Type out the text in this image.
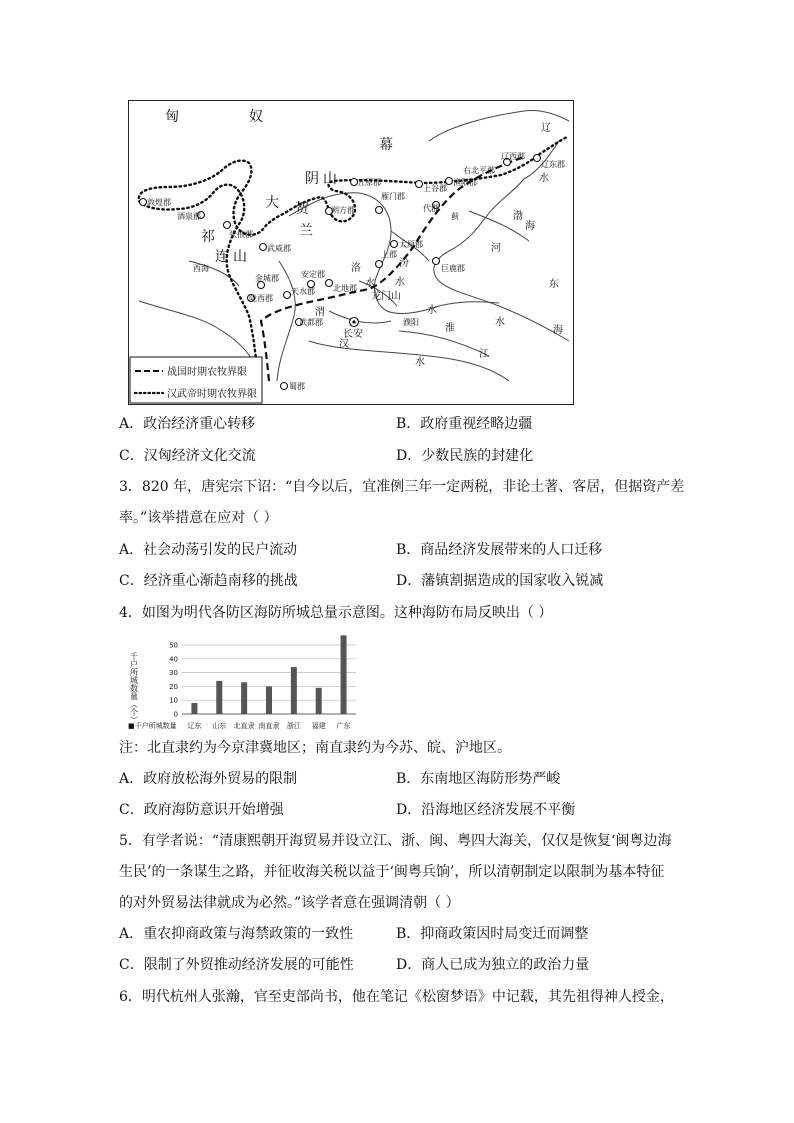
匈	奴
幕
阴 山
大 贺
兰
祁
连 山
辽
敦煌郡
酒泉郡
张掖郡
武威郡
西海
金城郡
陇西郡
天水郡
安定郡
北地郡
武都郡
蜀郡
五原郡
朔方郡
雁门郡
代郡
上谷郡
渔阳郡
右北平郡
辽西郡
辽东郡
蓟
太原郡
上郡
巨鹿郡
汾
水
洛
龙门山
濮阳
长安
河
渤
海
东
海
水
水
水
水
水
渭
淮
江
汉
战国时期农牧界限
汉武帝时期农牧界限
A．政治经济重心转移	B．政府重视经略边疆
C．汉匈经济文化交流	D．少数民族的封建化
3．820 年，唐宪宗下诏：“自今以后，宜准例三年一定两税，非论土著、客居，但据资产差
率。”该举措意在应对（ ）
A．社会动荡引发的民户流动	B．商品经济发展带来的人口迁移
C．经济重心渐趋南移的挑战	D．藩镇割据造成的国家收入锐减
4．如图为明代各防区海防所城总量示意图。这种海防布局反映出（ ）
0
10
20
30
40
50
辽东 山东 北直隶 南直隶 浙江 福建 广东
千户所城数量（个）
■千户所城数量
注：北直隶约为今京津冀地区；南直隶约为今苏、皖、沪地区。
A．政府放松海外贸易的限制	B．东南地区海防形势严峻
C．政府海防意识开始增强	D．沿海地区经济发展不平衡
5．有学者说：“清康熙朝开海贸易并设立江、浙、闽、粤四大海关，仅仅是恢复‘闽粤边海
生民’的一条谋生之路，并征收海关税以益于‘闽粤兵饷’，所以清朝制定以限制为基本特征
的对外贸易法律就成为必然。”该学者意在强调清朝（ ）
A．重农抑商政策与海禁政策的一致性	B．抑商政策因时局变迁而调整
C．限制了外贸推动经济发展的可能性	D．商人已成为独立的政治力量
6．明代杭州人张瀚，官至吏部尚书，他在笔记《松窗梦语》中记载，其先祖得神人授金，
